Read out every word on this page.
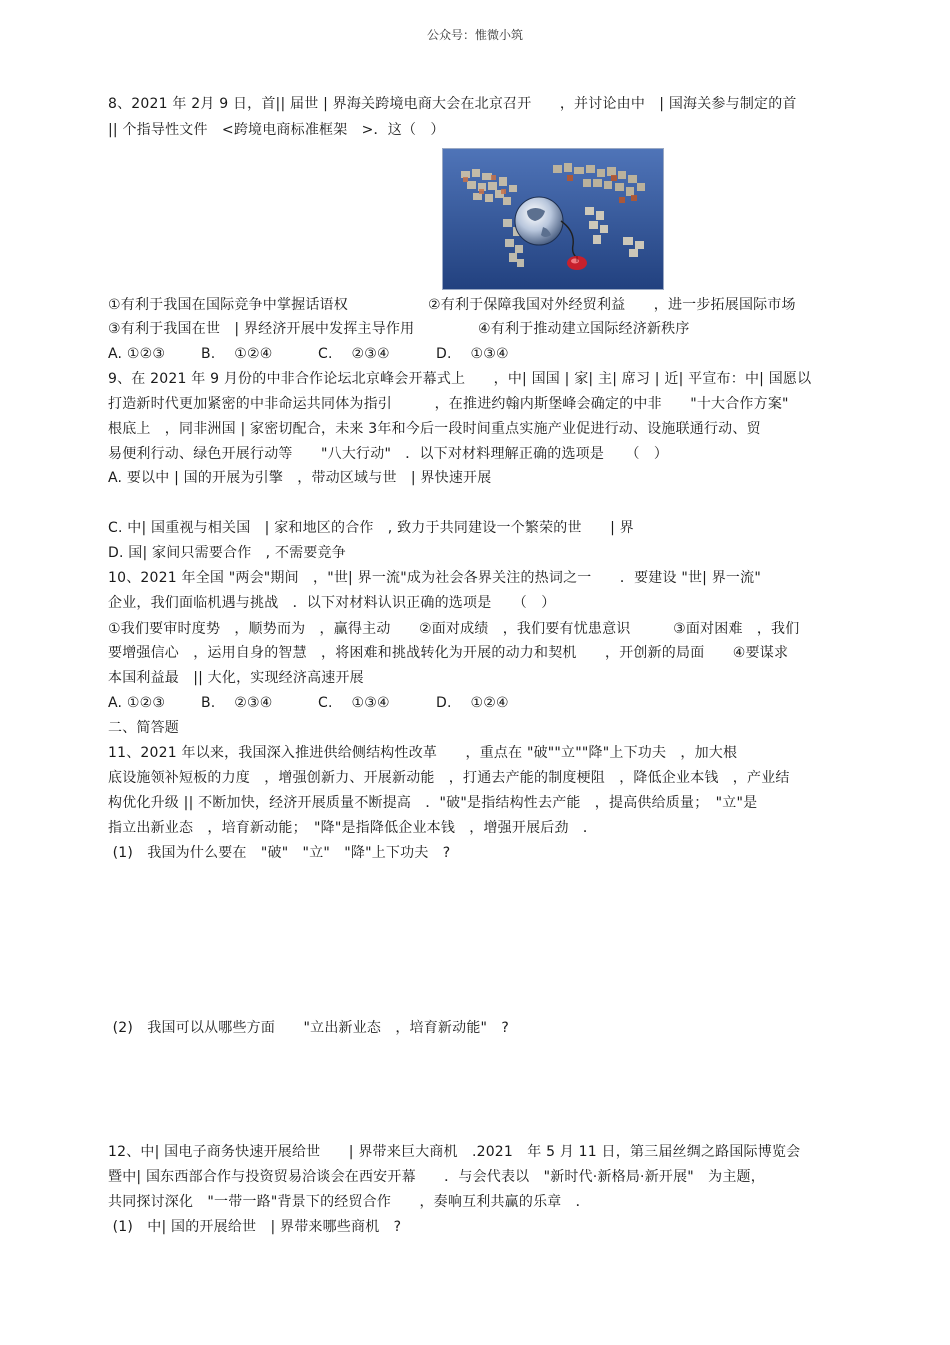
公众号：惟微小筑
8、2021 年 2月 9 日，首|| 届世 | 界海关跨境电商大会在北京召开　　，并讨论由中　| 国海关参与制定的首
|| 个指导性文件　<跨境电商标准框架　>．这（　）
①有利于我国在国际竞争中掌握话语权	②有利于保障我国对外经贸利益　　，进一步拓展国际市场
③有利于我国在世　| 界经济开展中发挥主导作用	④有利于推动建立国际经济新秩序
A. ①②③	B.　 ①②④	C.　 ②③④	D.　 ①③④
9、在 2021 年 9 月份的中非合作论坛北京峰会开幕式上　　，中| 国国 | 家| 主| 席习 | 近| 平宣布：中| 国愿以
打造新时代更加紧密的中非命运共同体为指引　　　，在推进约翰内斯堡峰会确定的中非　　"十大合作方案"
根底上　，同非洲国 | 家密切配合，未来 3年和今后一段时间重点实施产业促进行动、设施联通行动、贸
易便利行动、绿色开展行动等　　"八大行动"　．以下对材料理解正确的选项是　　（　）
A. 要以中 | 国的开展为引擎　，带动区域与世　| 界快速开展
C. 中| 国重视与相关国　| 家和地区的合作　, 致力于共同建设一个繁荣的世　　| 界
D. 国| 家间只需要合作　, 不需要竞争
10、2021 年全国 "两会"期间　，"世| 界一流"成为社会各界关注的热词之一　　．要建设 "世| 界一流"
企业，我们面临机遇与挑战　．以下对材料认识正确的选项是　　（　）
①我们要审时度势　，顺势而为　，赢得主动　　②面对成绩　，我们要有忧患意识　　　③面对困难　，我们
要增强信心　，运用自身的智慧　，将困难和挑战转化为开展的动力和契机　　，开创新的局面　　④要谋求
本国利益最　|| 大化，实现经济高速开展
A. ①②③	B.　 ②③④	C.　 ①③④	D.　 ①②④
二、简答题
11、2021 年以来，我国深入推进供给侧结构性改革　　，重点在 "破""立""降"上下功夫　，加大根
底设施领补短板的力度　，增强创新力、开展新动能　，打通去产能的制度梗阻　，降低企业本钱　，产业结
构优化升级 || 不断加快，经济开展质量不断提高　．"破"是指结构性去产能　，提高供给质量；　"立"是
指立出新业态　，培育新动能；　"降"是指降低企业本钱　，增强开展后劲　．
(1)　我国为什么要在　"破"　"立"　"降"上下功夫　?
(2)　我国可以从哪些方面　　"立出新业态　，培育新动能"　?
12、中| 国电子商务快速开展给世　　| 界带来巨大商机　.2021　年 5 月 11 日，第三届丝绸之路国际博览会
暨中| 国东西部合作与投资贸易洽谈会在西安开幕　　．与会代表以　"新时代·新格局·新开展"　为主题，
共同探讨深化　"一带一路"背景下的经贸合作　　，奏响互利共赢的乐章　．
(1)　中| 国的开展给世　| 界带来哪些商机　?
